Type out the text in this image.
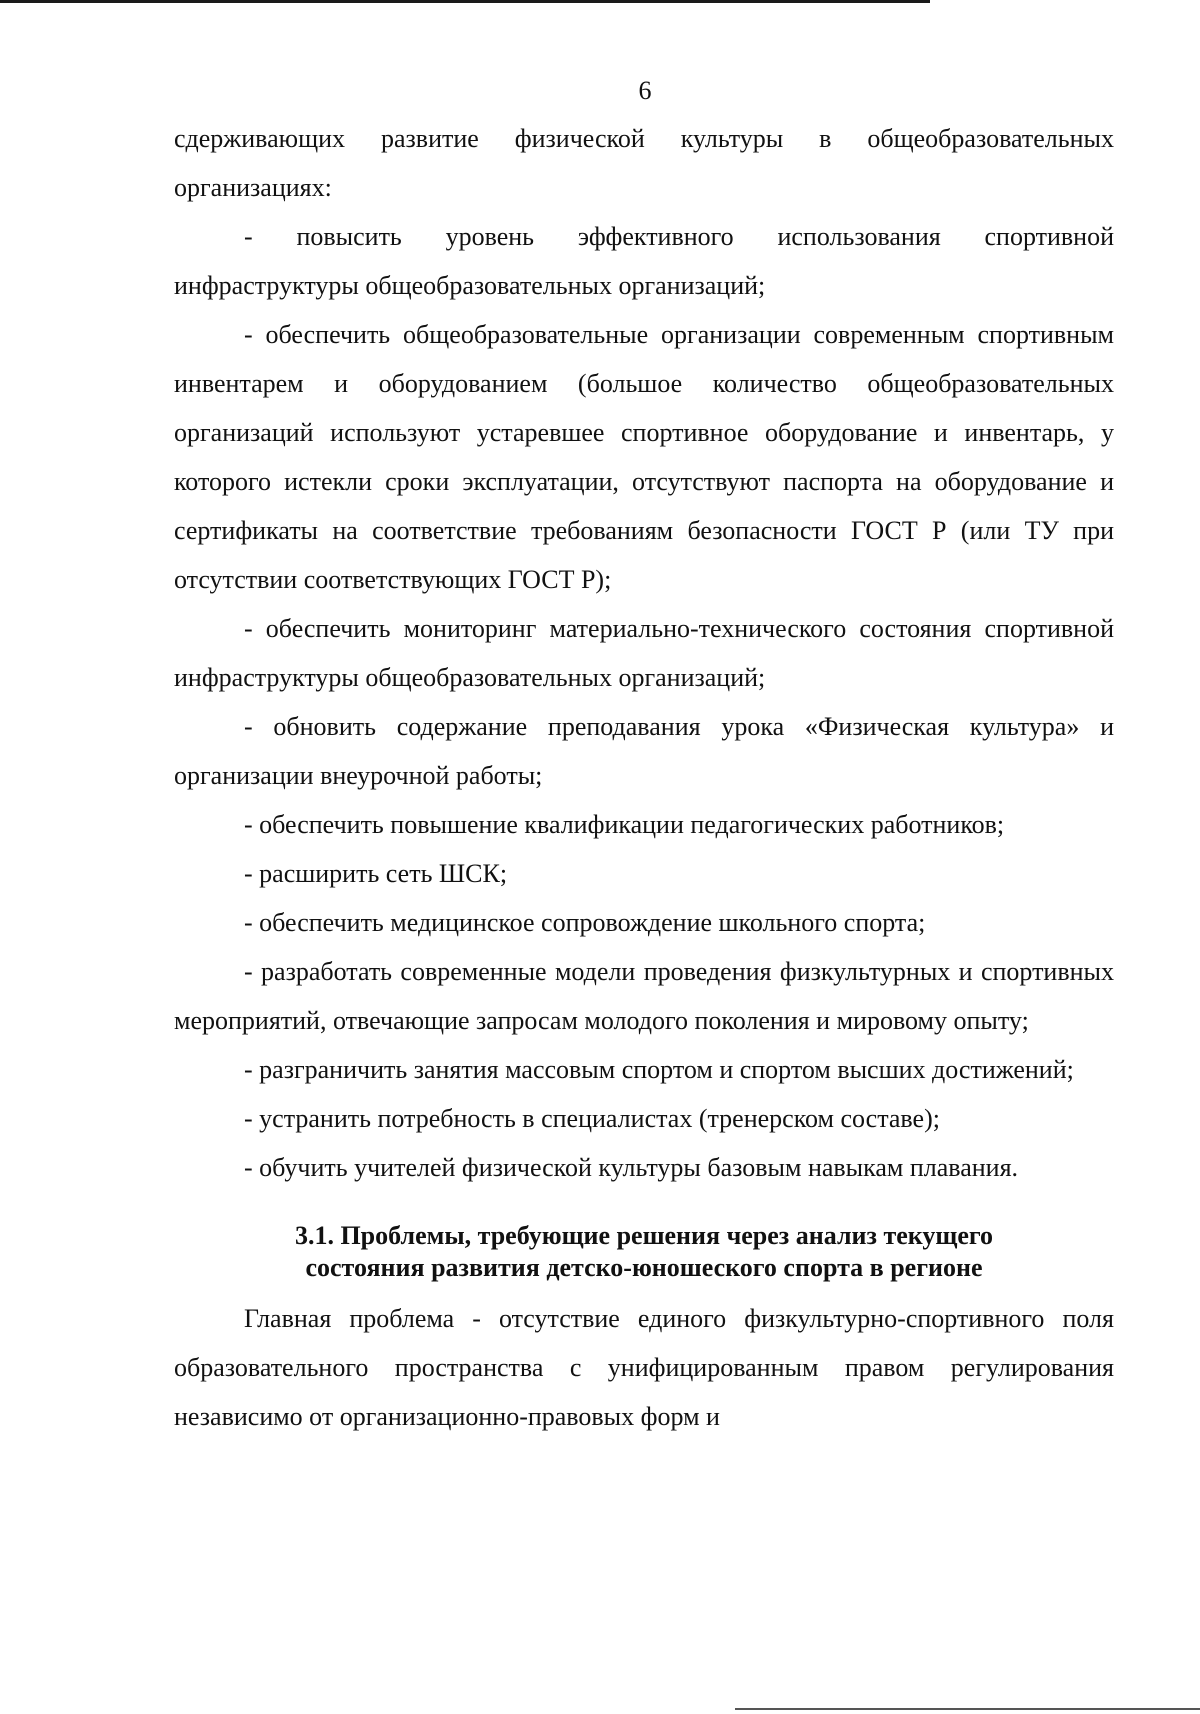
6

сдерживающих развитие физической культуры в общеобразовательных организациях:

- повысить уровень эффективного использования спортивной инфраструктуры общеобразовательных организаций;

- обеспечить общеобразовательные организации современным спортивным инвентарем и оборудованием (большое количество общеобразовательных организаций используют устаревшее спортивное оборудование и инвентарь, у которого истекли сроки эксплуатации, отсутствуют паспорта на оборудование и сертификаты на соответствие требованиям безопасности ГОСТ Р (или ТУ при отсутствии соответствующих ГОСТ Р);

- обеспечить мониторинг материально-технического состояния спортивной инфраструктуры общеобразовательных организаций;

- обновить содержание преподавания урока «Физическая культура» и организации внеурочной работы;

- обеспечить повышение квалификации педагогических работников;

- расширить сеть ШСК;

- обеспечить медицинское сопровождение школьного спорта;

- разработать современные модели проведения физкультурных и спортивных мероприятий, отвечающие запросам молодого поколения и мировому опыту;

- разграничить занятия массовым спортом и спортом высших достижений;

- устранить потребность в специалистах (тренерском составе);

- обучить учителей физической культуры базовым навыкам плавания.

3.1. Проблемы, требующие решения через анализ текущего
состояния развития детско-юношеского спорта в регионе

Главная проблема - отсутствие единого физкультурно-спортивного поля образовательного пространства с унифицированным правом регулирования независимо от организационно-правовых форм и
